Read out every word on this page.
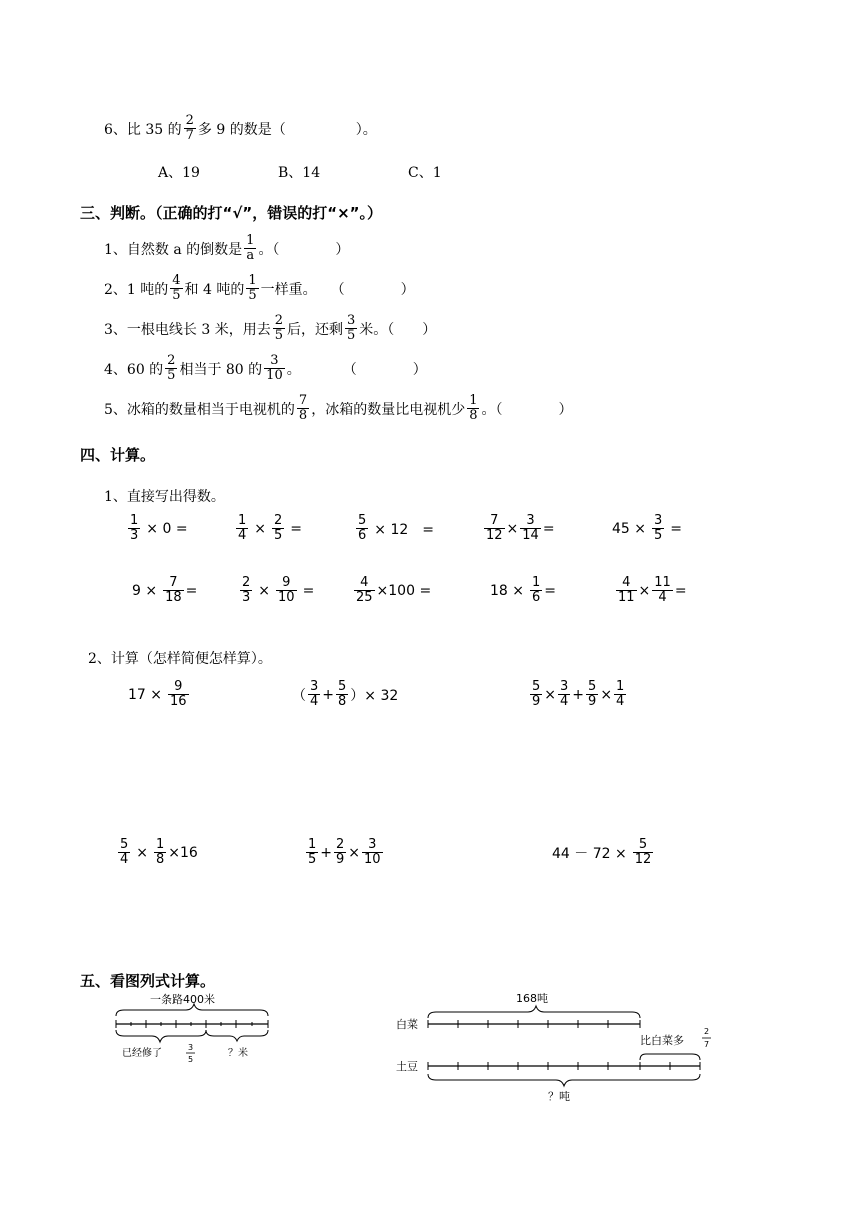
6、比 35 的 $\frac{2}{7}$ 多 9 的数是（　　　　　）。
A、19	B、14	C、1
三、判断。（正确的打“√”，错误的打“×”。）
1、自然数 a 的倒数是 $\frac{1}{a}$ 。（　　　　）
2、1 吨的 $\frac{4}{5}$ 和 4 吨的 $\frac{1}{5}$ 一样重。　　（　　　　）
3、一根电线长 3 米，用去 $\frac{2}{5}$ 后，还剩 $\frac{3}{5}$ 米。（　　）
4、60 的 $\frac{2}{5}$ 相当于 80 的 $\frac{3}{10}$ 。　　　　（　　　　）
5、冰箱的数量相当于电视机的 $\frac{7}{8}$ ，冰箱的数量比电视机少 $\frac{1}{8}$ 。（　　　　）
四、计算。
1、直接写出得数。
$\frac{1}{3} \times 0$ =	$\frac{1}{4} \times \frac{2}{5}$ =	$\frac{5}{6} \times 12$　=	$\frac{7}{12} \times \frac{3}{14}$ =	$45 \times \frac{3}{5}$ =
$9 \times \frac{7}{18}$ =	$\frac{2}{3} \times \frac{9}{10}$ =	$\frac{4}{25} \times 100$ =	$18 \times \frac{1}{6}$ =	$\frac{4}{11} \times \frac{11}{4}$ =
2、计算（怎样简便怎样算）。
$17 \times \frac{9}{16}$	（ $\frac{3}{4} + \frac{5}{8}$ ）× 32	$\frac{5}{9} \times \frac{3}{4} + \frac{5}{9} \times \frac{1}{4}$
$\frac{5}{4} \times \frac{1}{8} \times 16$	$\frac{1}{5} + \frac{2}{9} \times \frac{3}{10}$	$44 - 72 \times \frac{5}{12}$
五、看图列式计算。
一条路400米
已经修了
3
5
？米
168吨
白菜
比白菜多
2
7
土豆
？吨
